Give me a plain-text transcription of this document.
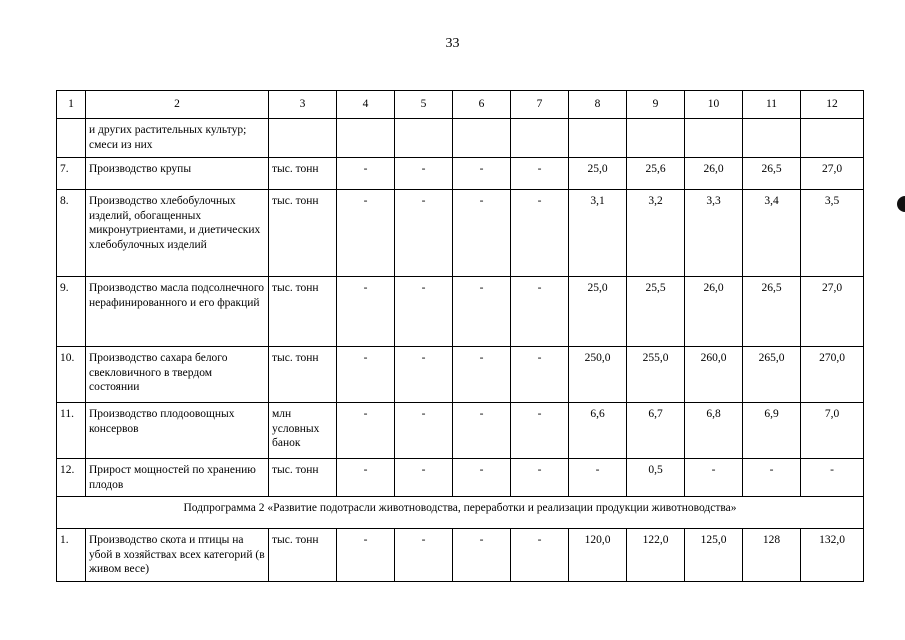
33
1	2	3	4	5	6	7	8	9	10	11	12
	и других растительных культур; смеси из них										
7.	Производство крупы	тыс. тонн	-	-	-	-	25,0	25,6	26,0	26,5	27,0
8.	Производство хлебобулочных изделий, обогащенных микронутриентами, и диетических хлебобулочных изделий	тыс. тонн	-	-	-	-	3,1	3,2	3,3	3,4	3,5
9.	Производство масла подсолнечного нерафинированного и его фракций	тыс. тонн	-	-	-	-	25,0	25,5	26,0	26,5	27,0
10.	Производство сахара белого свекловичного в твердом состоянии	тыс. тонн	-	-	-	-	250,0	255,0	260,0	265,0	270,0
11.	Производство плодоовощных консервов	млн условных банок	-	-	-	-	6,6	6,7	6,8	6,9	7,0
12.	Прирост мощностей по хранению плодов	тыс. тонн	-	-	-	-	-	0,5	-	-	-
Подпрограмма 2 «Развитие подотрасли животноводства, переработки и реализации продукции животноводства»											
1.	Производство скота и птицы на убой в хозяйствах всех категорий (в живом весе)	тыс. тонн	-	-	-	-	120,0	122,0	125,0	128	132,0
